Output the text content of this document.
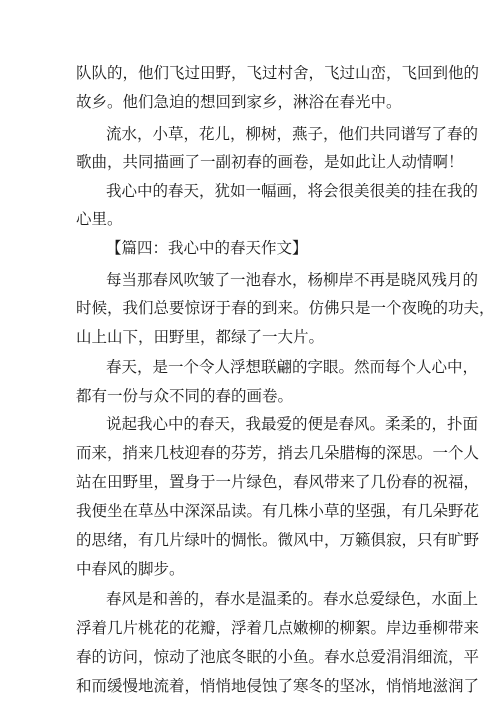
队队的，他们飞过田野，飞过村舍，飞过山峦，飞回到他的
故乡。他们急迫的想回到家乡，淋浴在春光中。
流水，小草，花儿，柳树，燕子，他们共同谱写了春的
歌曲，共同描画了一副初春的画卷，是如此让人动情啊！
我心中的春天，犹如一幅画，将会很美很美的挂在我的
心里。
【篇四：我心中的春天作文】
每当那春风吹皱了一池春水，杨柳岸不再是晓风残月的
时候，我们总要惊讶于春的到来。仿佛只是一个夜晚的功夫，
山上山下，田野里，都绿了一大片。
春天，是一个令人浮想联翩的字眼。然而每个人心中，
都有一份与众不同的春的画卷。
说起我心中的春天，我最爱的便是春风。柔柔的，扑面
而来，捎来几枝迎春的芬芳，捎去几朵腊梅的深思。一个人
站在田野里，置身于一片绿色，春风带来了几份春的祝福，
我便坐在草丛中深深品读。有几株小草的坚强，有几朵野花
的思绪，有几片绿叶的惆怅。微风中，万籁俱寂，只有旷野
中春风的脚步。
春风是和善的，春水是温柔的。春水总爱绿色，水面上
浮着几片桃花的花瓣，浮着几点嫩柳的柳絮。岸边垂柳带来
春的访问，惊动了池底冬眠的小鱼。春水总爱涓涓细流，平
和而缓慢地流着，悄悄地侵蚀了寒冬的坚冰，悄悄地滋润了
